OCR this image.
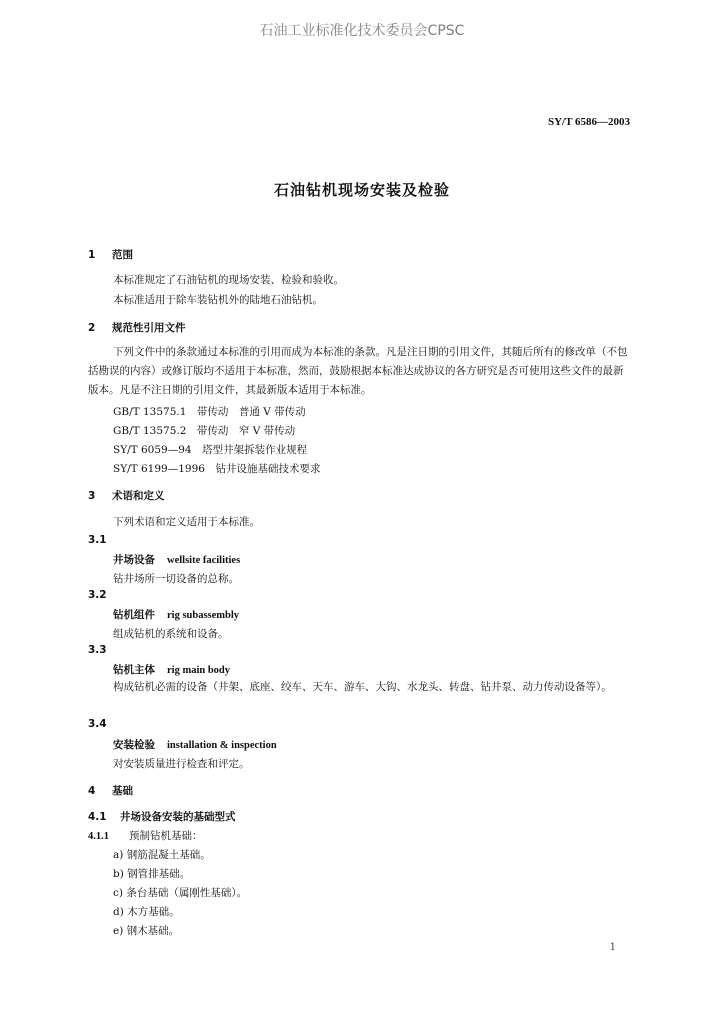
石油工业标准化技术委员会CPSC
SY/T 6586—2003
石油钻机现场安装及检验
1 范围
本标准规定了石油钻机的现场安装、检验和验收。
本标准适用于除车装钻机外的陆地石油钻机。
2 规范性引用文件
下列文件中的条款通过本标准的引用而成为本标准的条款。凡是注日期的引用文件，其随后所有的修改单（不包括勘误的内容）或修订版均不适用于本标准，然而，鼓励根据本标准达成协议的各方研究是否可使用这些文件的最新版本。凡是不注日期的引用文件，其最新版本适用于本标准。
GB/T 13575.1　带传动　普通 V 带传动
GB/T 13575.2　带传动　窄 V 带传动
SY/T 6059—94　塔型井架拆装作业规程
SY/T 6199—1996　钻井设施基础技术要求
3 术语和定义
下列术语和定义适用于本标准。
3.1
井场设备 wellsite facilities
钻井场所一切设备的总称。
3.2
钻机组件 rig subassembly
组成钻机的系统和设备。
3.3
钻机主体 rig main body
构成钻机必需的设备（井架、底座、绞车、天车、游车、大钩、水龙头、转盘、钻井泵、动力传动设备等）。
3.4
安装检验 installation & inspection
对安装质量进行检查和评定。
4 基础
4.1 井场设备安装的基础型式
4.1.1 预制钻机基础：
a) 钢筋混凝土基础。
b) 钢管排基础。
c) 条台基础（属刚性基础）。
d) 木方基础。
e) 钢木基础。
1
